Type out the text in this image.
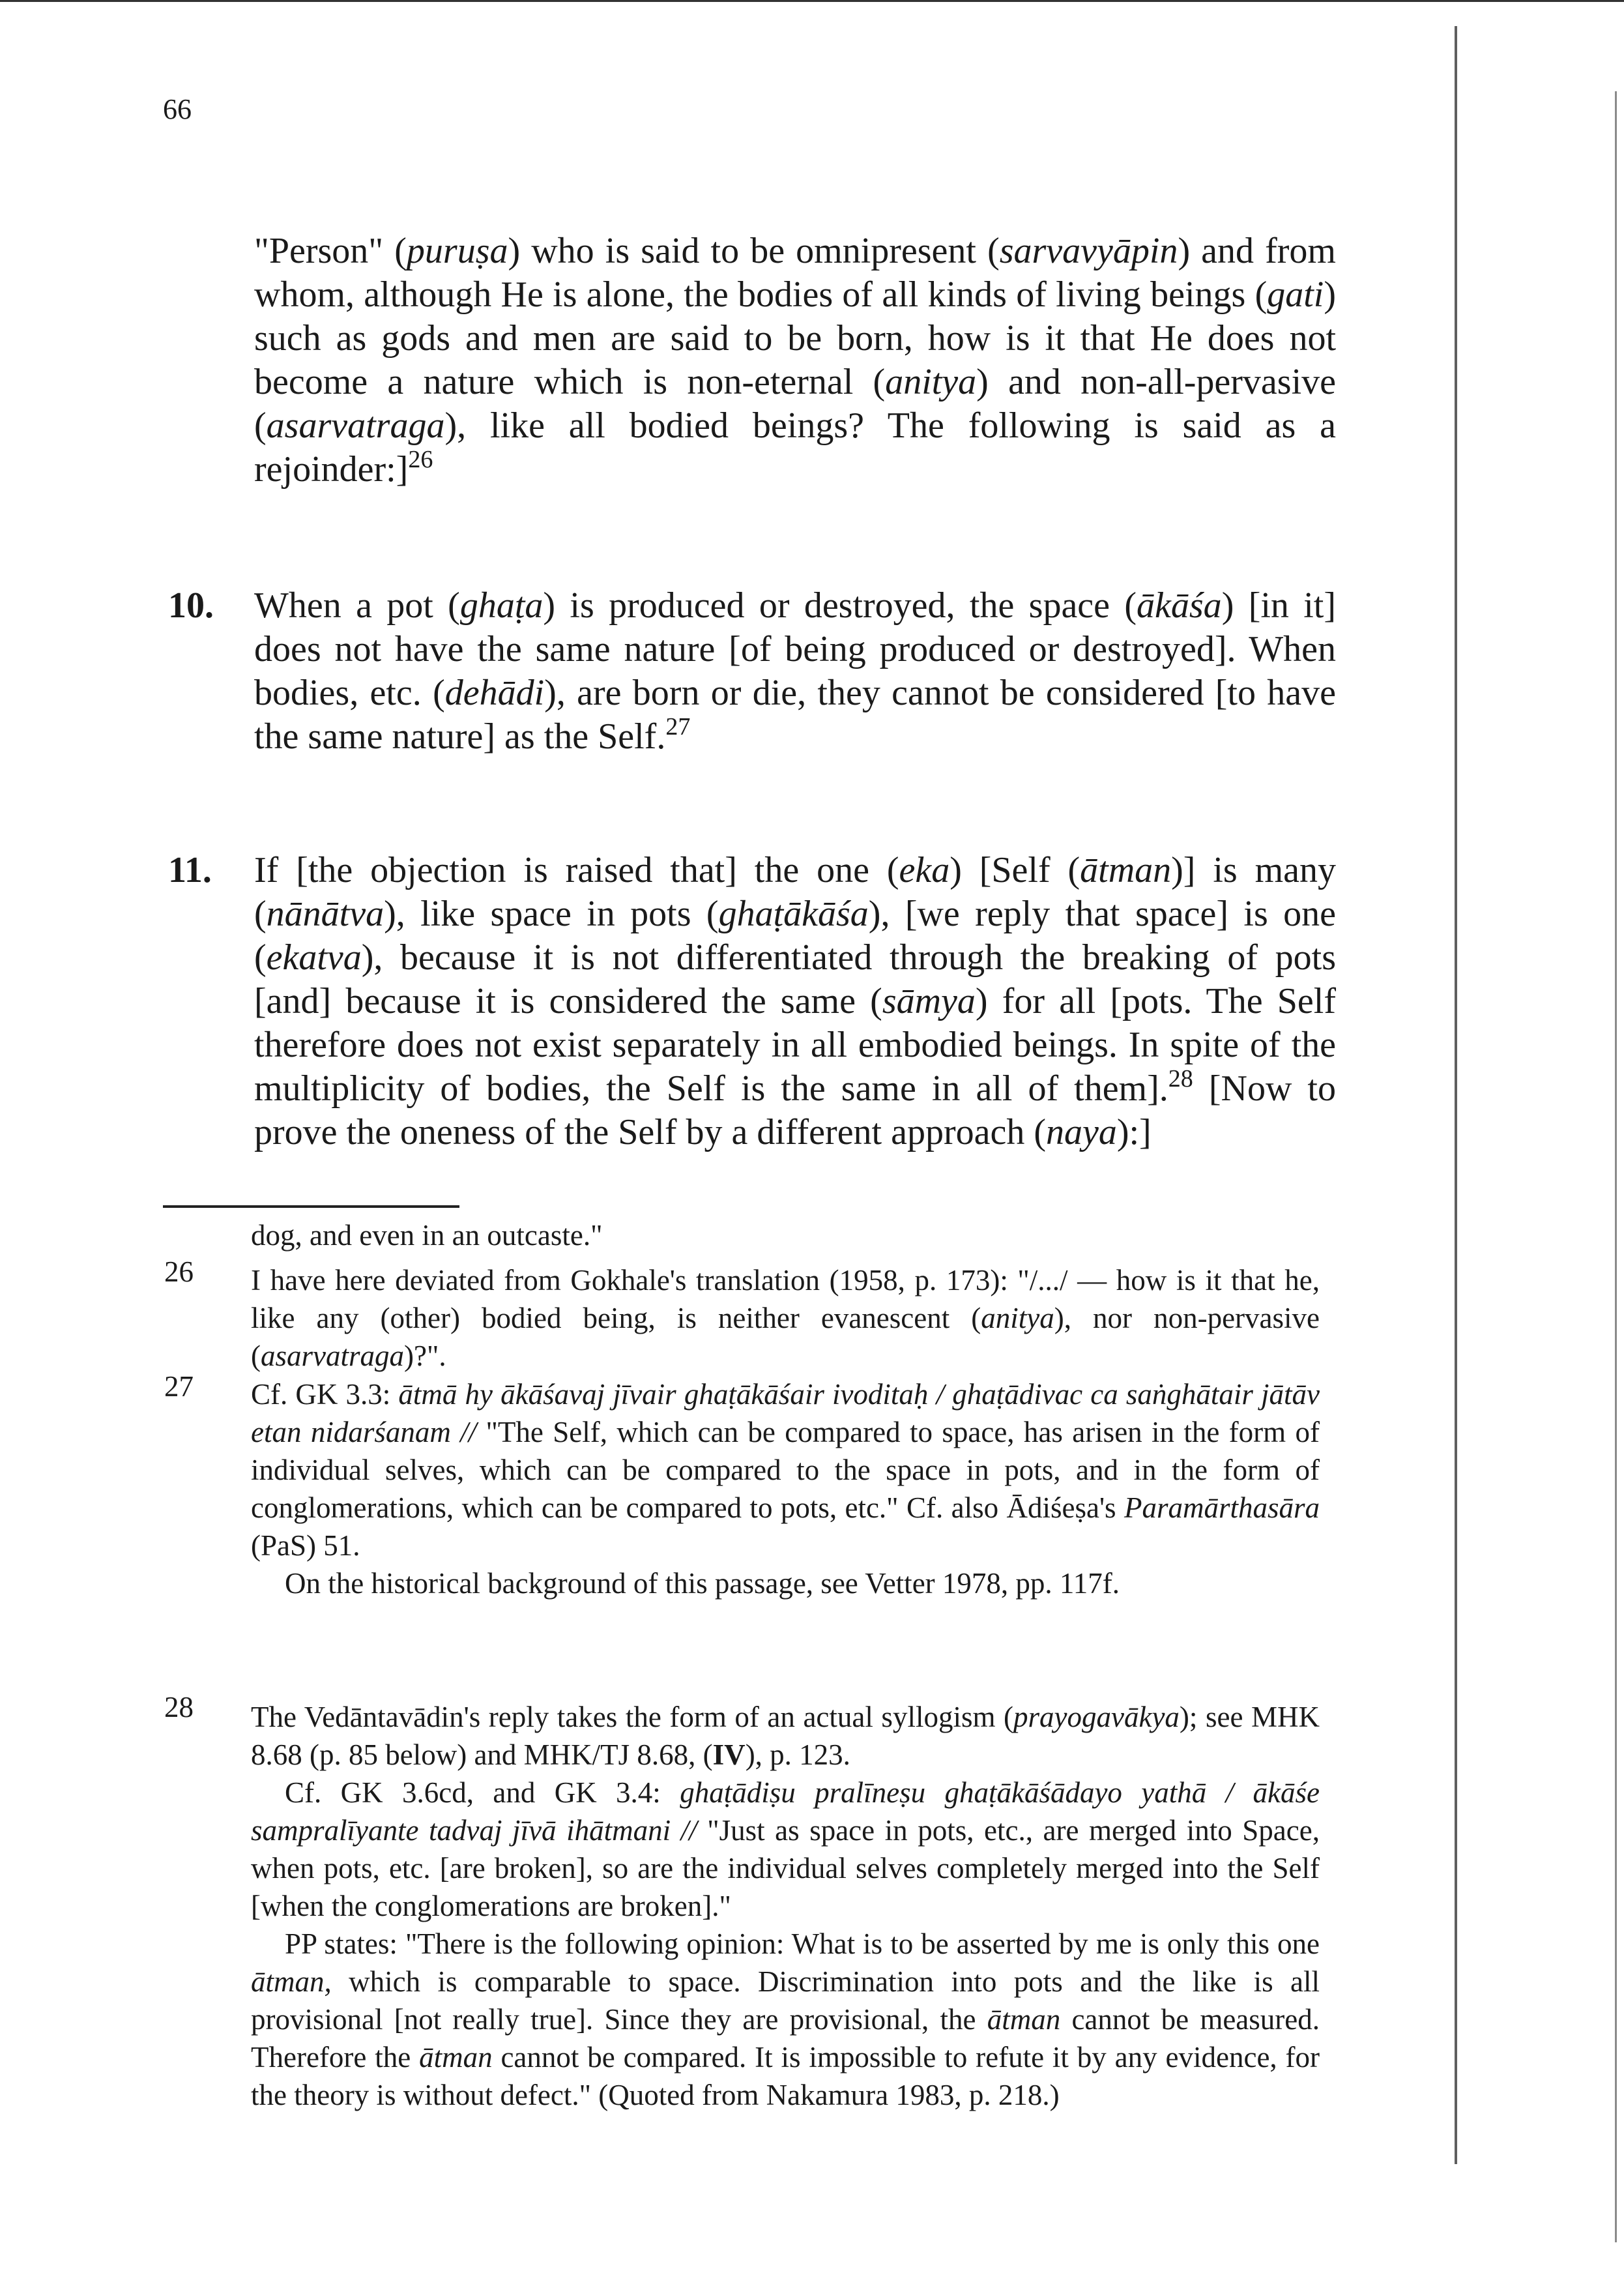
66

"Person" (puruṣa) who is said to be omnipresent (sarvavyāpin) and from whom, although He is alone, the bodies of all kinds of living beings (gati) such as gods and men are said to be born, how is it that He does not become a nature which is non-eternal (anitya) and non-all-pervasive (asarvatraga), like all bodied beings? The following is said as a rejoinder:]$^{26}$

10. When a pot (ghaṭa) is produced or destroyed, the space (ākāśa) [in it] does not have the same nature [of being produced or destroyed]. When bodies, etc. (dehādi), are born or die, they cannot be considered [to have the same nature] as the Self.$^{27}$

11. If [the objection is raised that] the one (eka) [Self (ātman)] is many (nānātva), like space in pots (ghaṭākāśa), [we reply that space] is one (ekatva), because it is not differentiated through the breaking of pots [and] because it is considered the same (sāmya) for all [pots. The Self therefore does not exist separately in all embodied beings. In spite of the multiplicity of bodies, the Self is the same in all of them].$^{28}$ [Now to prove the oneness of the Self by a different approach (naya):]

dog, and even in an outcaste."
26 I have here deviated from Gokhale's translation (1958, p. 173): "/.../ — how is it that he, like any (other) bodied being, is neither evanescent (anitya), nor non-pervasive (asarvatraga)?".

27 Cf. GK 3.3: ātmā hy ākāśavaj jīvair ghaṭākāśair ivoditaḥ / ghaṭādivac ca saṅghātair jātāv etan nidarśanam // "The Self, which can be compared to space, has arisen in the form of individual selves, which can be compared to the space in pots, and in the form of conglomerations, which can be compared to pots, etc." Cf. also Ādiśeṣa's Paramārthasāra (PaS) 51.

On the historical background of this passage, see Vetter 1978, pp. 117f.

28 The Vedāntavādin's reply takes the form of an actual syllogism (prayogavākya); see MHK 8.68 (p. 85 below) and MHK/TJ 8.68, (IV), p. 123.

Cf. GK 3.6cd, and GK 3.4: ghaṭādiṣu pralīneṣu ghaṭākāśādayo yathā / ākāśe sampralīyante tadvaj jīvā ihātmani // "Just as space in pots, etc., are merged into Space, when pots, etc. [are broken], so are the individual selves completely merged into the Self [when the conglomerations are broken]."

PP states: "There is the following opinion: What is to be asserted by me is only this one ātman, which is comparable to space. Discrimination into pots and the like is all provisional [not really true]. Since they are provisional, the ātman cannot be measured. Therefore the ātman cannot be compared. It is impossible to refute it by any evidence, for the theory is without defect." (Quoted from Nakamura 1983, p. 218.)
